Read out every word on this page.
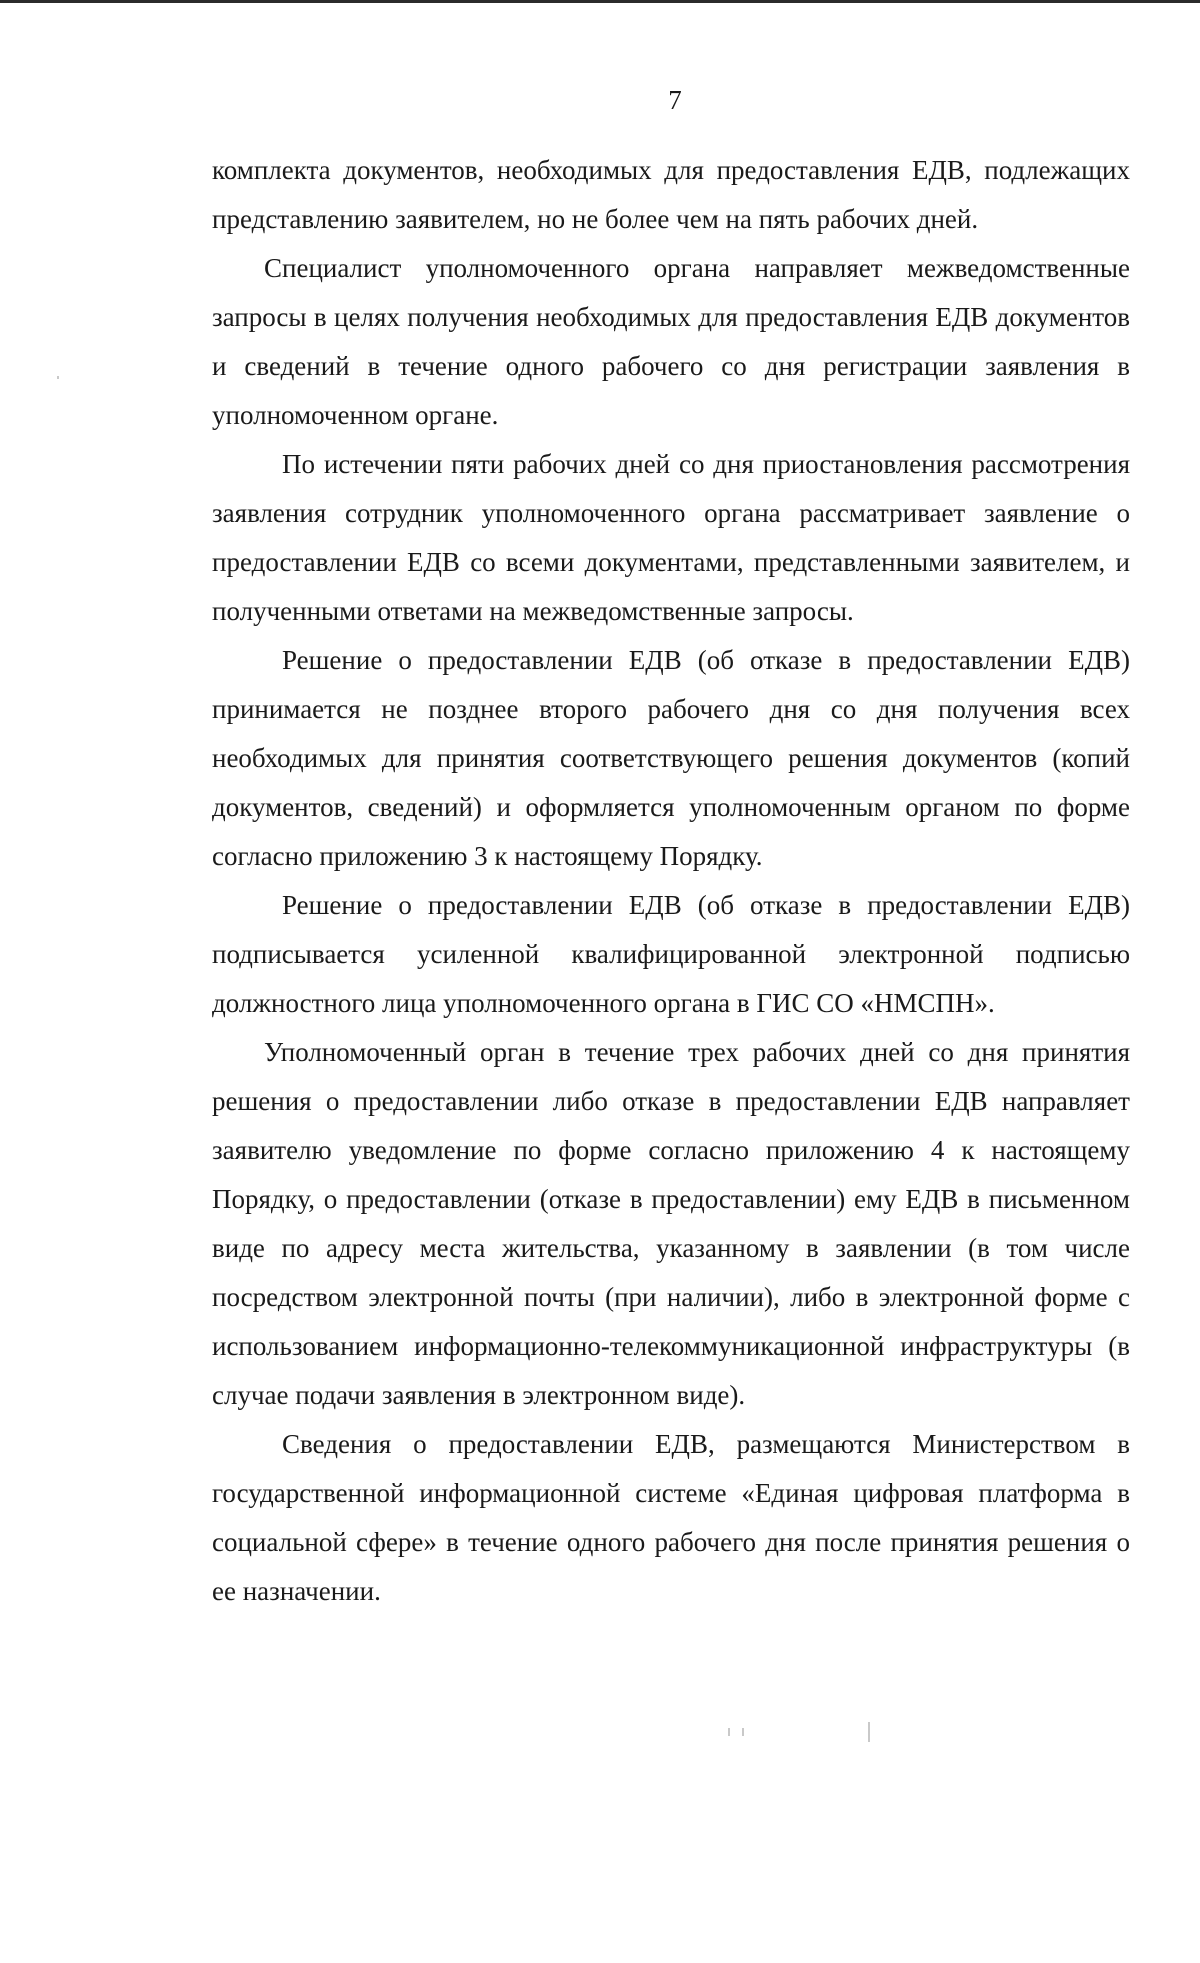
7

комплекта документов, необходимых для предоставления ЕДВ, подлежащих представлению заявителем, но не более чем на пять рабочих дней.

Специалист уполномоченного органа направляет межведомственные запросы в целях получения необходимых для предоставления ЕДВ документов и сведений в течение одного рабочего со дня регистрации заявления в уполномоченном органе.

По истечении пяти рабочих дней со дня приостановления рассмотрения заявления сотрудник уполномоченного органа рассматривает заявление о предоставлении ЕДВ со всеми документами, представленными заявителем, и полученными ответами на межведомственные запросы.

Решение о предоставлении ЕДВ (об отказе в предоставлении ЕДВ) принимается не позднее второго рабочего дня со дня получения всех необходимых для принятия соответствующего решения документов (копий документов, сведений) и оформляется уполномоченным органом по форме согласно приложению 3 к настоящему Порядку.

Решение о предоставлении ЕДВ (об отказе в предоставлении ЕДВ) подписывается усиленной квалифицированной электронной подписью должностного лица уполномоченного органа в ГИС СО «НМСПН».

Уполномоченный орган в течение трех рабочих дней со дня принятия решения о предоставлении либо отказе в предоставлении ЕДВ направляет заявителю уведомление по форме согласно приложению 4 к настоящему Порядку, о предоставлении (отказе в предоставлении) ему ЕДВ в письменном виде по адресу места жительства, указанному в заявлении (в том числе посредством электронной почты (при наличии), либо в электронной форме с использованием информационно-телекоммуникационной инфраструктуры (в случае подачи заявления в электронном виде).

Сведения о предоставлении ЕДВ, размещаются Министерством в государственной информационной системе «Единая цифровая платформа в социальной сфере» в течение одного рабочего дня после принятия решения о ее назначении.
